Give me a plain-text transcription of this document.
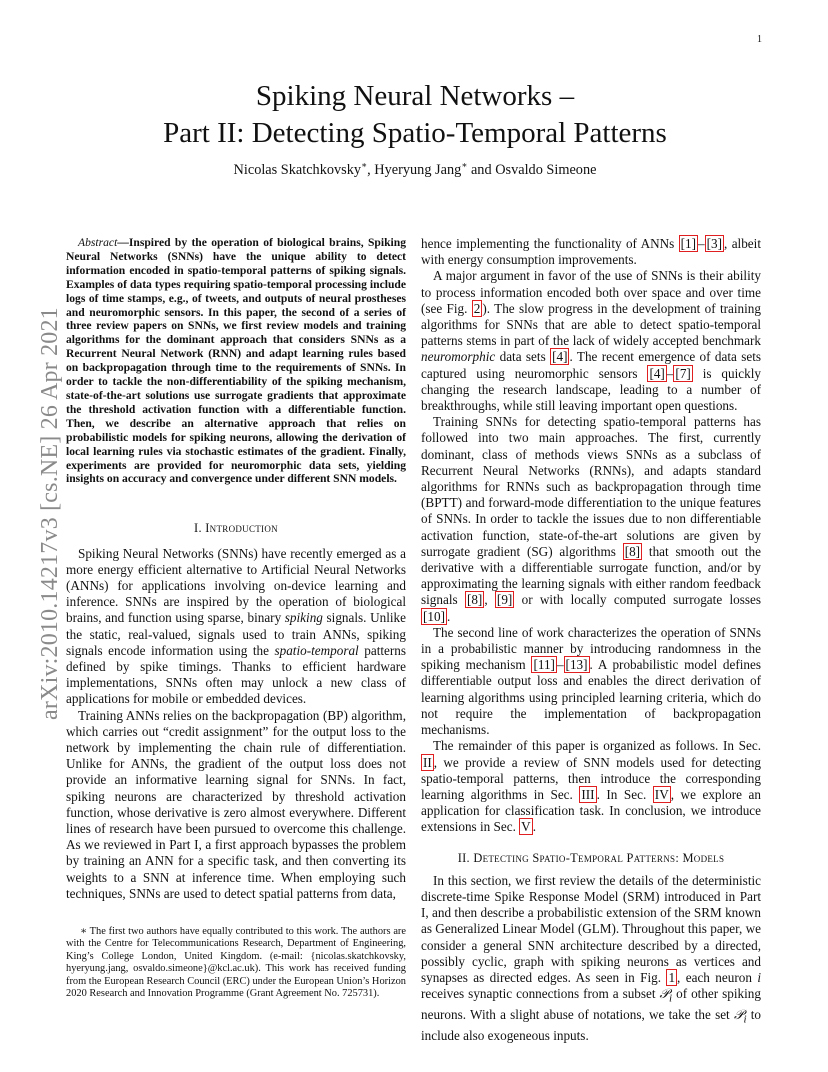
1
arXiv:2010.14217v3 [cs.NE] 26 Apr 2021
Spiking Neural Networks –
Part II: Detecting Spatio-Temporal Patterns
Nicolas Skatchkovsky∗, Hyeryung Jang∗ and Osvaldo Simeone

Abstract—Inspired by the operation of biological brains, Spiking Neural Networks (SNNs) have the unique ability to detect information encoded in spatio-temporal patterns of spiking signals. Examples of data types requiring spatio-temporal processing include logs of time stamps, e.g., of tweets, and outputs of neural prostheses and neuromorphic sensors. In this paper, the second of a series of three review papers on SNNs, we first review models and training algorithms for the dominant approach that considers SNNs as a Recurrent Neural Network (RNN) and adapt learning rules based on backpropagation through time to the requirements of SNNs. In order to tackle the non-differentiability of the spiking mechanism, state-of-the-art solutions use surrogate gradients that approximate the threshold activation function with a differentiable function. Then, we describe an alternative approach that relies on probabilistic models for spiking neurons, allowing the derivation of local learning rules via stochastic estimates of the gradient. Finally, experiments are provided for neuromorphic data sets, yielding insights on accuracy and convergence under different SNN models.

I. Introduction

Spiking Neural Networks (SNNs) have recently emerged as a more energy efficient alternative to Artificial Neural Networks (ANNs) for applications involving on-device learning and inference. SNNs are inspired by the operation of biological brains, and function using sparse, binary spiking signals. Unlike the static, real-valued, signals used to train ANNs, spiking signals encode information using the spatio-temporal patterns defined by spike timings. Thanks to efficient hardware implementations, SNNs often may unlock a new class of applications for mobile or embedded devices.

Training ANNs relies on the backpropagation (BP) algorithm, which carries out “credit assignment” for the output loss to the network by implementing the chain rule of differentiation. Unlike for ANNs, the gradient of the output loss does not provide an informative learning signal for SNNs. In fact, spiking neurons are characterized by threshold activation function, whose derivative is zero almost everywhere. Different lines of research have been pursued to overcome this challenge. As we reviewed in Part I, a first approach bypasses the problem by training an ANN for a specific task, and then converting its weights to a SNN at inference time. When employing such techniques, SNNs are used to detect spatial patterns from data,

∗ The first two authors have equally contributed to this work. The authors are with the Centre for Telecommunications Research, Department of Engineering, King’s College London, United Kingdom. (e-mail: {nicolas.skatchkovsky, hyeryung.jang, osvaldo.simeone}@kcl.ac.uk). This work has received funding from the European Research Council (ERC) under the European Union’s Horizon 2020 Research and Innovation Programme (Grant Agreement No. 725731).

hence implementing the functionality of ANNs [1] – [3] , albeit with energy consumption improvements.

A major argument in favor of the use of SNNs is their ability to process information encoded both over space and over time (see Fig. 2 ). The slow progress in the development of training algorithms for SNNs that are able to detect spatio-temporal patterns stems in part of the lack of widely accepted benchmark neuromorphic data sets [4] . The recent emergence of data sets captured using neuromorphic sensors [4] – [7] is quickly changing the research landscape, leading to a number of breakthroughs, while still leaving important open questions.

Training SNNs for detecting spatio-temporal patterns has followed into two main approaches. The first, currently dominant, class of methods views SNNs as a subclass of Recurrent Neural Networks (RNNs), and adapts standard algorithms for RNNs such as backpropagation through time (BPTT) and forward-mode differentiation to the unique features of SNNs. In order to tackle the issues due to non differentiable activation function, state-of-the-art solutions are given by surrogate gradient (SG) algorithms [8] that smooth out the derivative with a differentiable surrogate function, and/or by approximating the learning signals with either random feedback signals [8] , [9] or with locally computed surrogate losses [10] .

The second line of work characterizes the operation of SNNs in a probabilistic manner by introducing randomness in the spiking mechanism [11] – [13] . A probabilistic model defines differentiable output loss and enables the direct derivation of learning algorithms using principled learning criteria, which do not require the implementation of backpropagation mechanisms.

The remainder of this paper is organized as follows. In Sec. II , we provide a review of SNN models used for detecting spatio-temporal patterns, then introduce the corresponding learning algorithms in Sec. III . In Sec. IV , we explore an application for classification task. In conclusion, we introduce extensions in Sec. V .

II. Detecting Spatio-Temporal Patterns: Models

In this section, we first review the details of the deterministic discrete-time Spike Response Model (SRM) introduced in Part I, and then describe a probabilistic extension of the SRM known as Generalized Linear Model (GLM). Throughout this paper, we consider a general SNN architecture described by a directed, possibly cyclic, graph with spiking neurons as vertices and synapses as directed edges. As seen in Fig. 1 , each neuron i receives synaptic connections from a subset 𝒫$_i$ of other spiking neurons. With a slight abuse of notations, we take the set 𝒫$_i$ to include also exogeneous inputs.
